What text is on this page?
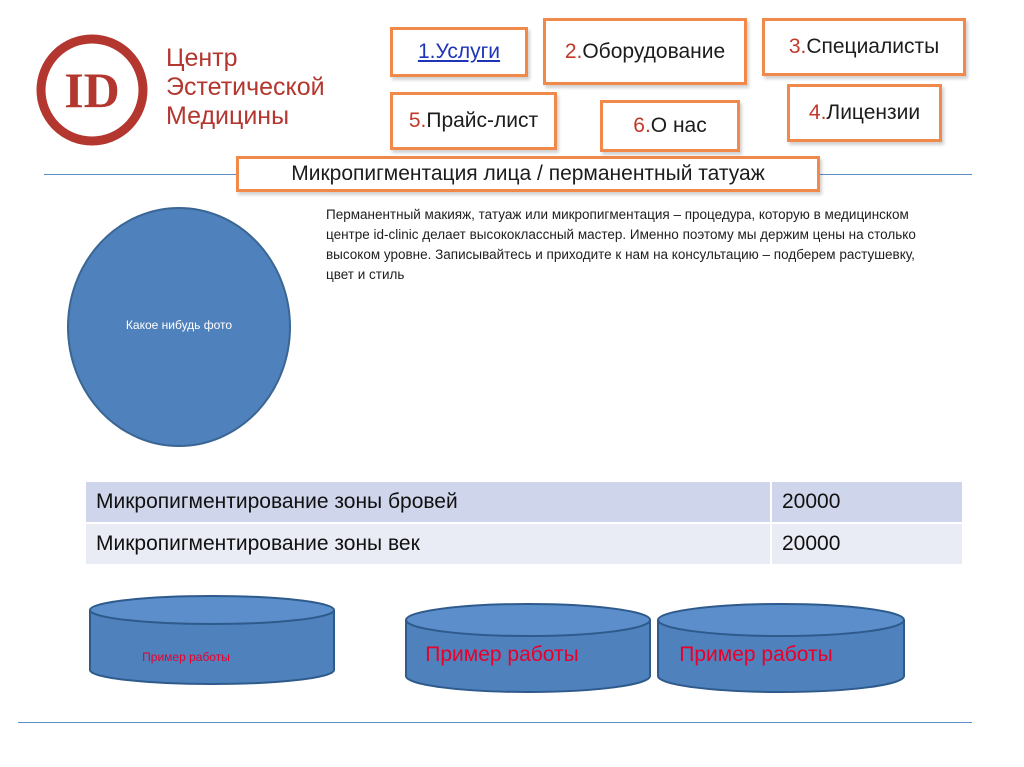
ID
Центр
Эстетической
Медицины
1.Услуги	2.Оборудование	3.Специалисты
4.Лицензии
5.Прайс-лист	6.О нас
Микропигментация лица / перманентный татуаж
Какое нибудь фото

Перманентный макияж, татуаж или микропигментация – процедура, которую в медицинском центре id-clinic делает высококлассный мастер. Именно поэтому мы держим цены на столько высоком уровне. Записывайтесь и приходите к нам на консультацию – подберем растушевку, цвет и стиль

Микропигментирование зоны бровей	20000
Микропигментирование зоны век	20000
Пример работы	Пример работы	Пример работы
